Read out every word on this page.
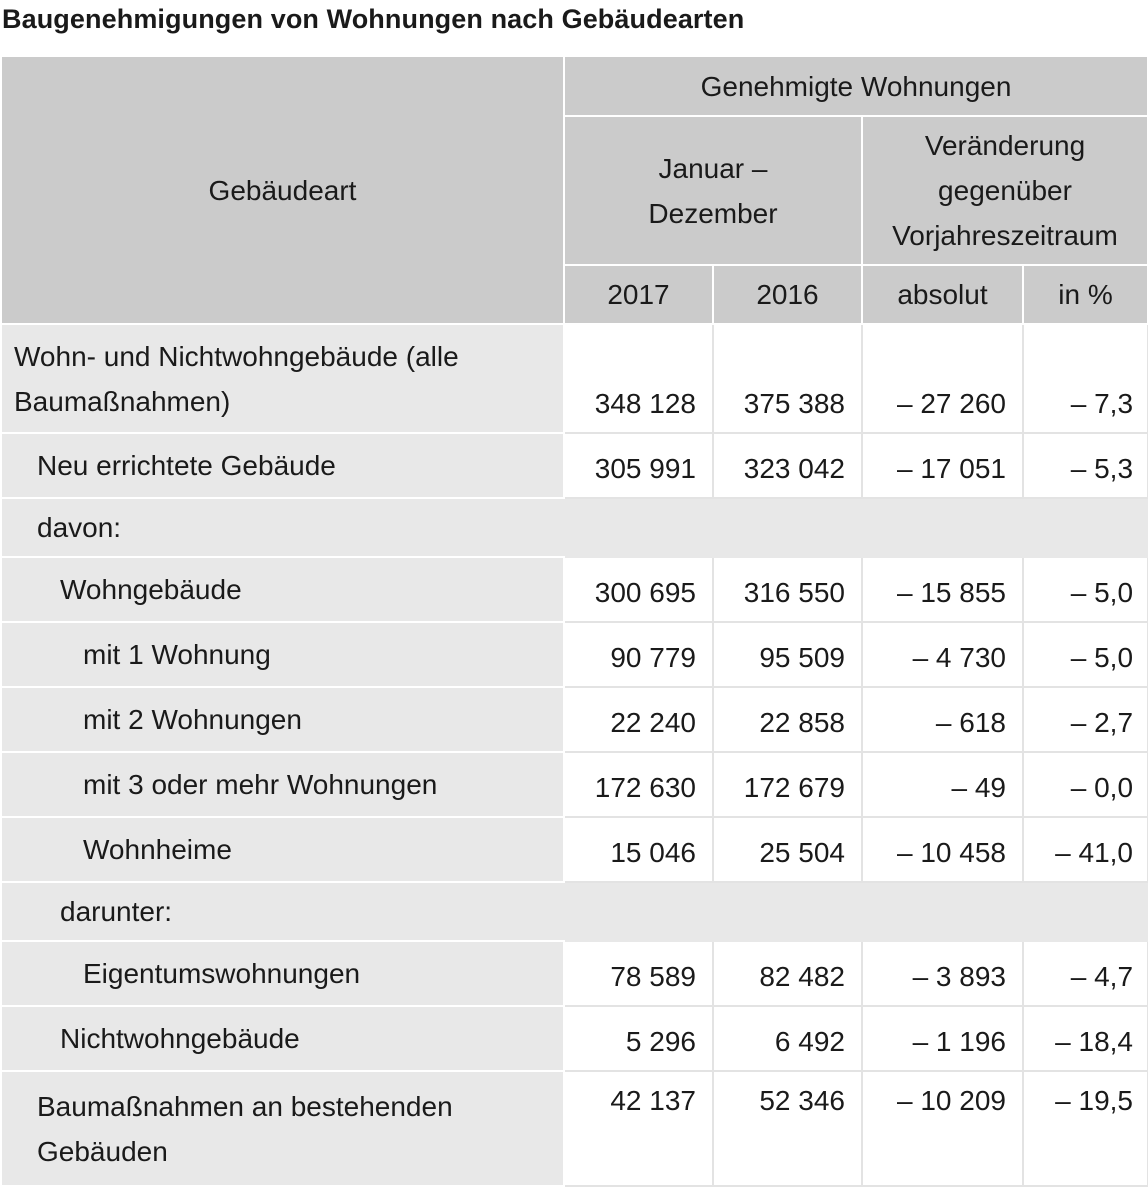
Baugenehmigungen von Wohnungen nach Gebäudearten
Gebäudeart	Genehmigte Wohnungen			

	Januar – Dezember		Veränderung gegenüber Vorjahreszeitraum	

	2017	2016	absolut	in %
Wohn- und Nichtwohngebäude (alle Baumaßnahmen)	348 128	375 388	– 27 260	– 7,3
Neu errichtete Gebäude	305 991	323 042	– 17 051	– 5,3
davon:				
Wohngebäude	300 695	316 550	– 15 855	– 5,0
mit 1 Wohnung	90 779	95 509	– 4 730	– 5,0
mit 2 Wohnungen	22 240	22 858	– 618	– 2,7
mit 3 oder mehr Wohnungen	172 630	172 679	– 49	– 0,0
Wohnheime	15 046	25 504	– 10 458	– 41,0
darunter:				
Eigentumswohnungen	78 589	82 482	– 3 893	– 4,7
Nichtwohngebäude	5 296	6 492	– 1 196	– 18,4
Baumaßnahmen an bestehenden Gebäuden	42 137	52 346	– 10 209	– 19,5
